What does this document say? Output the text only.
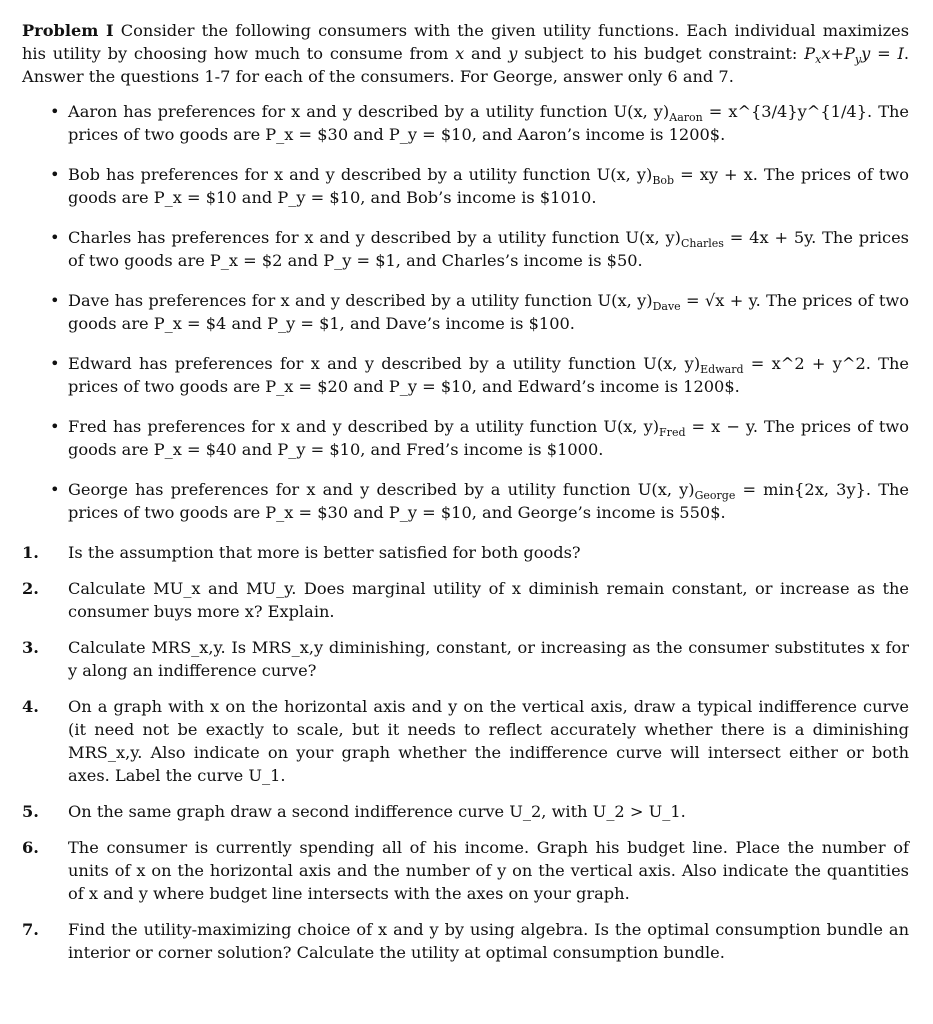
Problem I Consider the following consumers with the given utility functions. Each individual maximizes his utility by choosing how much to consume from x and y subject to his budget constraint: $P_xx+P_yy = I$. Answer the questions 1-7 for each of the consumers. For George, answer only 6 and 7.

• Aaron has preferences for x and y described by a utility function U(x, $y)_{Aaron}$ = x^{3/4}y^{1/4}. The prices of two goods are P_x = $30 and P_y = $10, and Aaron’s income is 1200$.
• Bob has preferences for x and y described by a utility function U(x, $y)_{Bob}$ = xy + x. The prices of two goods are P_x = $10 and P_y = $10, and Bob’s income is $1010.
• Charles has preferences for x and y described by a utility function U(x, $y)_{Charles} = 4x + 5y$. The prices of two goods are P_x = $2 and P_y = $1, and Charles’s income is $50.
• Dave has preferences for x and y described by a utility function U(x, $y)_{Dave} = √x + y$. The prices of two goods are P_x = $4 and P_y = $1, and Dave’s income is $100.
• Edward has preferences for x and y described by a utility function U(x, $y)_{Edward}$ = x^2 + y^2. The prices of two goods are P_x = $20 and P_y = $10, and Edward’s income is 1200$.
• Fred has preferences for x and y described by a utility function U(x, $y)_{Fred} = x - y$. The prices of two goods are P_x = $40 and P_y = $10, and Fred’s income is $1000.
• George has preferences for x and y described by a utility function U(x, $y)_{George} = \min\{2x$, 3y}. The prices of two goods are P_x = $30 and P_y = $10, and George’s income is 550$.
1. Is the assumption that more is better satisfied for both goods?
2. Calculate MU_x and MU_y. Does marginal utility of x diminish remain constant, or increase as the consumer buys more x? Explain.
3. Calculate MRS_x,y. Is MRS_x,y diminishing, constant, or increasing as the consumer substitutes x for y along an indifference curve?
4. On a graph with x on the horizontal axis and y on the vertical axis, draw a typical indifference curve (it need not be exactly to scale, but it needs to reflect accurately whether there is a diminishing MRS_x,y. Also indicate on your graph whether the indifference curve will intersect either or both axes. Label the curve U_1.
5. On the same graph draw a second indifference curve U_2, with U_2 > U_1.
6. The consumer is currently spending all of his income. Graph his budget line. Place the number of units of x on the horizontal axis and the number of y on the vertical axis. Also indicate the quantities of x and y where budget line intersects with the axes on your graph.
7. Find the utility-maximizing choice of x and y by using algebra. Is the optimal consumption bundle an interior or corner solution? Calculate the utility at optimal consumption bundle.
